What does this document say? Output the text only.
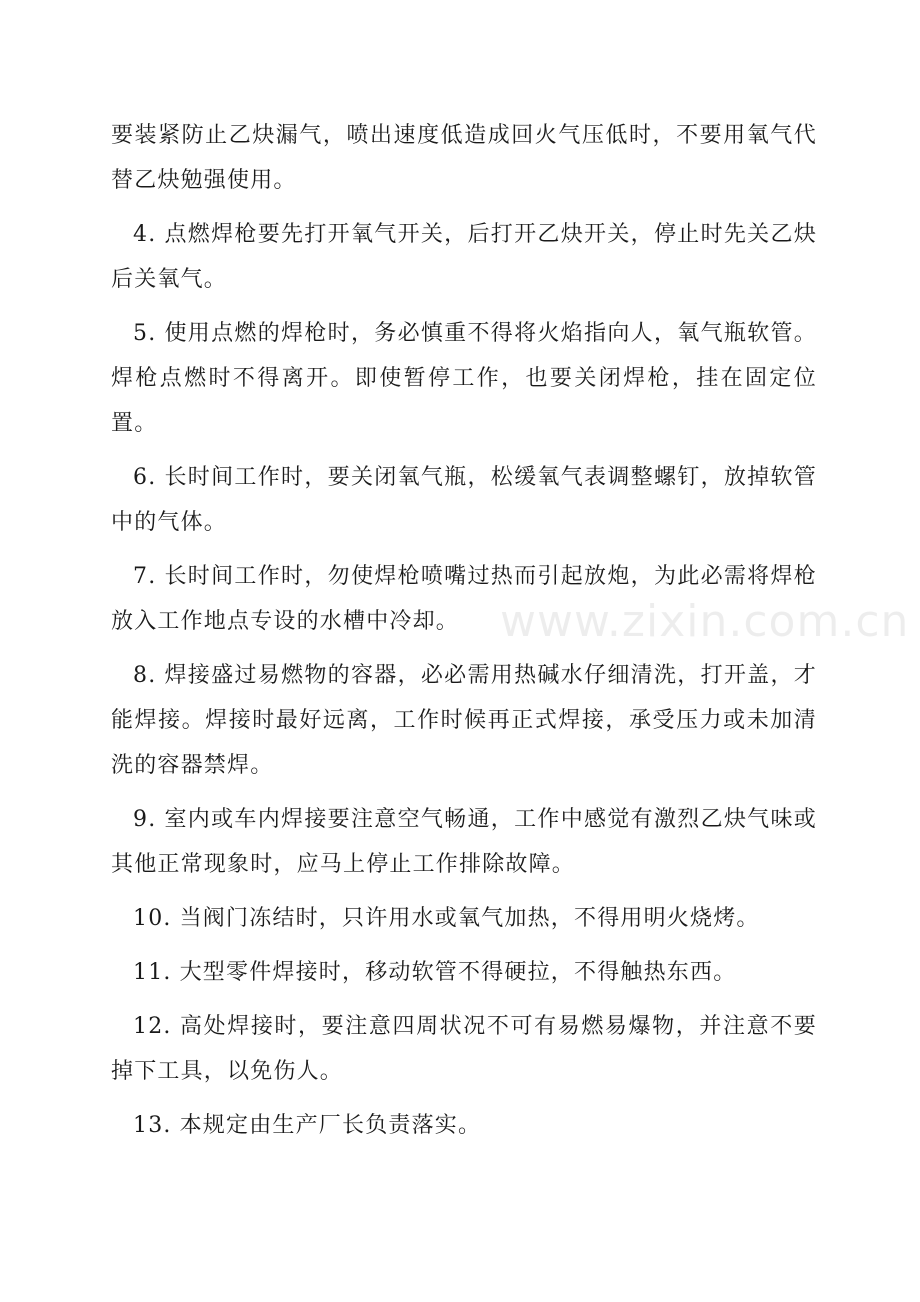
要装紧防止乙炔漏气，喷出速度低造成回火气压低时，不要用氧气代替乙炔勉强使用。

4. 点燃焊枪要先打开氧气开关，后打开乙炔开关，停止时先关乙炔后关氧气。

5. 使用点燃的焊枪时，务必慎重不得将火焰指向人，氧气瓶软管。焊枪点燃时不得离开。即使暂停工作，也要关闭焊枪，挂在固定位置。

6. 长时间工作时，要关闭氧气瓶，松缓氧气表调整螺钉，放掉软管中的气体。

7. 长时间工作时，勿使焊枪喷嘴过热而引起放炮，为此必需将焊枪放入工作地点专设的水槽中冷却。

8. 焊接盛过易燃物的容器，必必需用热碱水仔细清洗，打开盖，才能焊接。焊接时最好远离，工作时候再正式焊接，承受压力或未加清洗的容器禁焊。

9. 室内或车内焊接要注意空气畅通，工作中感觉有激烈乙炔气味或其他正常现象时，应马上停止工作排除故障。

10. 当阀门冻结时，只许用水或氧气加热，不得用明火烧烤。

11. 大型零件焊接时，移动软管不得硬拉，不得触热东西。

12. 高处焊接时，要注意四周状况不可有易燃易爆物，并注意不要掉下工具，以免伤人。

13. 本规定由生产厂长负责落实。

www.zixin.com.cn
